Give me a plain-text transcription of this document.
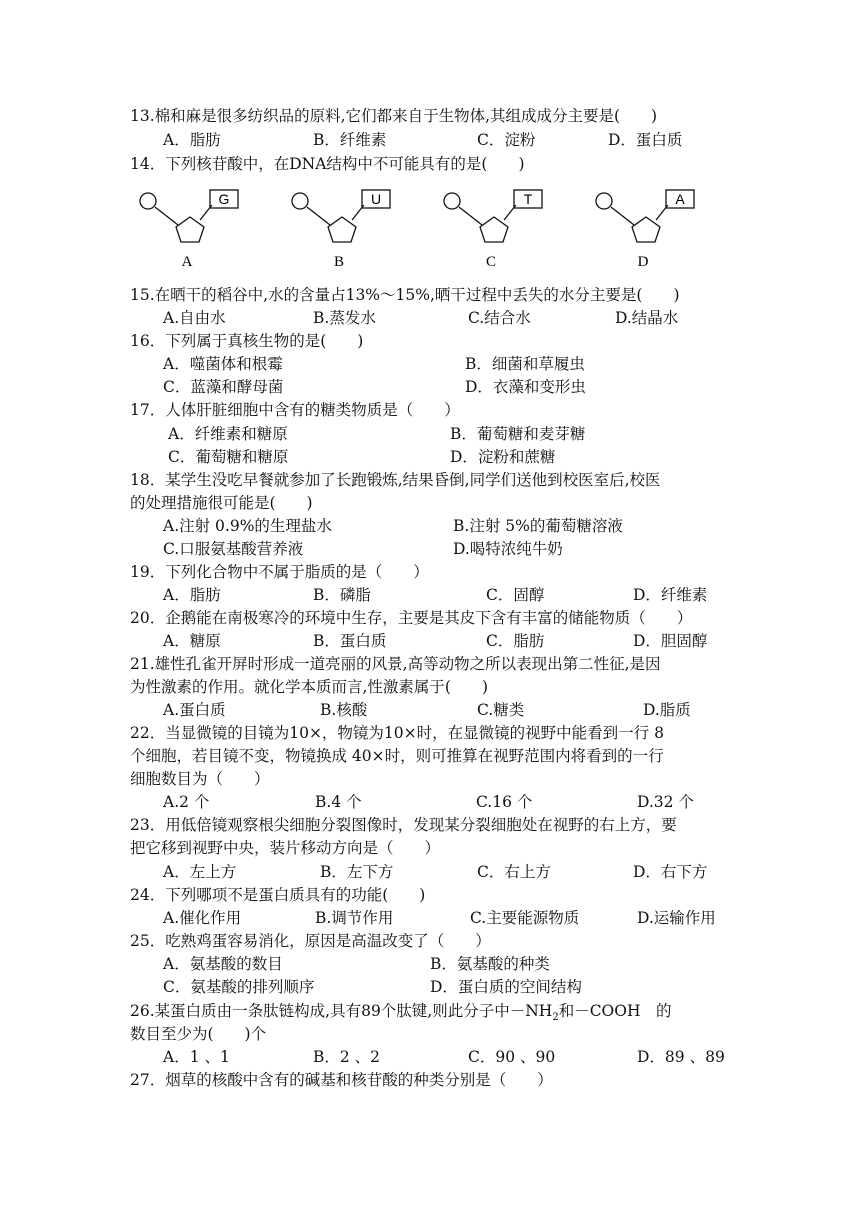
13.棉和麻是很多纺织品的原料,它们都来自于生物体,其组成成分主要是(　　)
A．脂肪	B．纤维素	C．淀粉	D．蛋白质
14．下列核苷酸中，在DNA结构中不可能具有的是(　　)
G
A
U
B
T
C
A
D
15.在晒干的稻谷中,水的含量占13%～15%,晒干过程中丢失的水分主要是(　　)
A.自由水	B.蒸发水	C.结合水	D.结晶水
16．下列属于真核生物的是(　　)
A．噬菌体和根霉	B．细菌和草履虫
C．蓝藻和酵母菌	D．衣藻和变形虫
17．人体肝脏细胞中含有的糖类物质是（　　）
A．纤维素和糖原	B．葡萄糖和麦芽糖
C．葡萄糖和糖原	D．淀粉和蔗糖
18．某学生没吃早餐就参加了长跑锻炼,结果昏倒,同学们送他到校医室后,校医
的处理措施很可能是(　　)
A.注射 0.9%的生理盐水	B.注射 5%的葡萄糖溶液
C.口服氨基酸营养液	D.喝特浓纯牛奶
19．下列化合物中不属于脂质的是（　　）
A．脂肪	B．磷脂	C．固醇	D．纤维素
20．企鹅能在南极寒冷的环境中生存，主要是其皮下含有丰富的储能物质（　　）
A．糖原	B．蛋白质	C．脂肪	D．胆固醇
21.雄性孔雀开屏时形成一道亮丽的风景,高等动物之所以表现出第二性征,是因
为性激素的作用。就化学本质而言,性激素属于(　　)
A.蛋白质	B.核酸	C.糖类	D.脂质
22．当显微镜的目镜为10×，物镜为10×时，在显微镜的视野中能看到一行 8
个细胞，若目镜不变，物镜换成 40×时，则可推算在视野范围内将看到的一行
细胞数目为（　　）
A.2 个	B.4 个	C.16 个	D.32 个
23．用低倍镜观察根尖细胞分裂图像时，发现某分裂细胞处在视野的右上方，要
把它移到视野中央，装片移动方向是（　　）
A．左上方	B．左下方	C．右上方	D．右下方
24．下列哪项不是蛋白质具有的功能(　　)
A.催化作用	B.调节作用	C.主要能源物质	D.运输作用
25．吃熟鸡蛋容易消化，原因是高温改变了（　　）
A．氨基酸的数目	B．氨基酸的种类
C．氨基酸的排列顺序	D．蛋白质的空间结构
26.某蛋白质由一条肽链构成,具有89个肽键,则此分子中$-NH_2$和－COOH　的
数目至少为(　　)个
A．1 、1	B．2 、2	C．90 、90	D．89 、89
27．烟草的核酸中含有的碱基和核苷酸的种类分别是（　　）
